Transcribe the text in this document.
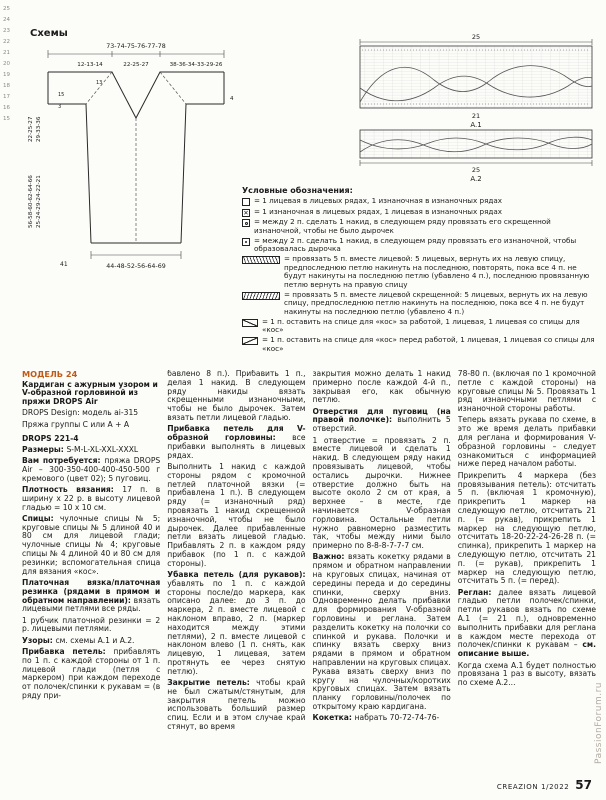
25
24
23
22
21
20
19
18
17
16
15
Схемы
73-74-75-76-77-78
12-13-14	22-25-27	38-36-34-33-29-26
13
22-25-27 29-33-36
15
3
56-58-60-62-64-66 25-24-29-24-22-21
41	44-48-52-56-64-69
4
25
21
A.1
25
A.2
Условные обозначения:
= 1 лицевая в лицевых рядах, 1 изнаночная в изнаночных рядах
✕
= 1 изнаночная в лицевых рядах, 1 лицевая в изнаночных рядах
= между 2 п. сделать 1 накид, в следующем ряду провязать его скрещенной изнаночной, чтобы не было дырочек
= между 2 п. сделать 1 накид, в следующем ряду провязать его изнаночной, чтобы образовалась дырочка
= провязать 5 п. вместе лицевой: 5 лицевых, вернуть их на левую спицу, предпоследнюю петлю накинуть на последнюю, повторять, пока все 4 п. не будут накинуты на последнюю петлю (убавлено 4 п.), последнюю провязанную петлю вернуть на правую спицу
= провязать 5 п. вместе лицевой скрещенной: 5 лицевых, вернуть их на левую спицу, предпоследнюю петлю накинуть на последнюю, пока все 4 п. не будут накинуты на последнюю петлю (убавлено 4 п.)
= 1 п. оставить на спице для «кос» за работой, 1 лицевая, 1 лицевая со спицы для «кос»
= 1 п. оставить на спице для «кос» перед работой, 1 лицевая, 1 лицевая со спицы для «кос»

МОДЕЛЬ 24

Кардиган с ажурным узором и V-образной горловиной из пряжи DROPS Air

DROPS Design: модель ai-315

Пряжа группы C или A + A

DROPS 221-4

Размеры: S-M-L-XL-XXL-XXXL

Вам потребуется: пряжа DROPS Air – 300-350-400-400-450-500 г кремового (цвет 02); 5 пуговиц.

Плотность вязания: 17 п. в ширину x 22 р. в высоту лицевой гладью = 10 x 10 см.

Спицы: чулочные спицы № 5; круговые спицы № 5 длиной 40 и 80 см для лицевой глади; чулочные спицы № 4; круговые спицы № 4 длиной 40 и 80 см для резинки; вспомогательная спица для вязания «кос».

Платочная вязка/платочная резинка (рядами в прямом и обратном направлении): вязать лицевыми петлями все ряды.

1 рубчик платочной резинки = 2 р. лицевыми петлями.

Узоры: см. схемы A.1 и A.2.

Прибавка петель: прибавлять по 1 п. с каждой стороны от 1 п. лицевой глади (петля с маркером) при каждом переходе от полочек/спинки к рукавам = (в ряду при-

бавлено 8 п.). Прибавить 1 п., делая 1 накид. В следующем ряду накиды вязать скрещенными изнаночными, чтобы не было дырочек. Затем вязать петли лицевой гладью.

Прибавка петель для V-образной горловины: все прибавки выполнять в лицевых рядах.

Выполнить 1 накид с каждой стороны рядом с кромочной петлей платочной вязки (= прибавлена 1 п.). В следующем ряду (= изнаночный ряд) провязать 1 накид скрещенной изнаночной, чтобы не было дырочек. Далее прибавленные петли вязать лицевой гладью. Прибавлять 2 п. в каждом ряду прибавок (по 1 п. с каждой стороны).

Убавка петель (для рукавов): убавлять по 1 п. с каждой стороны после/до маркера, как описано далее: до 3 п. до маркера, 2 п. вместе лицевой с наклоном вправо, 2 п. (маркер находится между этими петлями), 2 п. вместе лицевой с наклоном влево (1 п. снять, как лицевую, 1 лицевая, затем протянуть ее через снятую петлю).

Закрытие петель: чтобы край не был сжатым/стянутым, для закрытия петель можно использовать больший размер спиц. Если и в этом случае край стянут, во время

закрытия можно делать 1 накид примерно после каждой 4-й п., закрывая его, как обычную петлю.

Отверстия для пуговиц (на правой полочке): выполнить 5 отверстий.

1 отверстие = провязать 2 п. вместе лицевой и сделать 1 накид. В следующем ряду накид провязывать лицевой, чтобы остались дырочки. Нижнее отверстие должно быть на высоте около 2 см от края, а верхнее – в месте, где начинается V-образная горловина. Остальные петли нужно равномерно разместить так, чтобы между ними было примерно по 8-8-8-7-7-7 см.

Важно: вязать кокетку рядами в прямом и обратном направлении на круговых спицах, начиная от середины переда и до середины спинки, сверху вниз. Одновременно делать прибавки для формирования V-образной горловины и реглана. Затем разделить кокетку на полочки со спинкой и рукава. Полочки и спинку вязать сверху вниз рядами в прямом и обратном направлении на круговых спицах. Рукава вязать сверху вниз по кругу на чулочных/коротких круговых спицах. Затем вязать планку горловины/полочек по открытому краю кардигана.

Кокетка: набрать 70-72-74-76-

78-80 п. (включая по 1 кромочной петле с каждой стороны) на круговые спицы № 5. Провязать 1 ряд изнаночными петлями с изнаночной стороны работы.

Теперь вязать рукава по схеме, в это же время делать прибавки для реглана и формирования V-образной горловины – следует ознакомиться с информацией ниже перед началом работы.

Прикрепить 4 маркера (без провязывания петель): отсчитать 5 п. (включая 1 кромочную), прикрепить 1 маркер на следующую петлю, отсчитать 21 п. (= рукав), прикрепить 1 маркер на следующую петлю, отсчитать 18-20-22-24-26-28 п. (= спинка), прикрепить 1 маркер на следующую петлю, отсчитать 21 п. (= рукав), прикрепить 1 маркер на следующую петлю, отсчитать 5 п. (= перед).

Реглан: далее вязать лицевой гладью петли полочек/спинки, петли рукавов вязать по схеме A.1 (= 21 п.), одновременно выполнить прибавки для реглана в каждом месте перехода от полочек/спинки к рукавам – см. описание выше.

Когда схема A.1 будет полностью провязана 1 раз в высоту, вязать по схеме A.2...

CREAZION 1/2022 57
PassionForum.ru
